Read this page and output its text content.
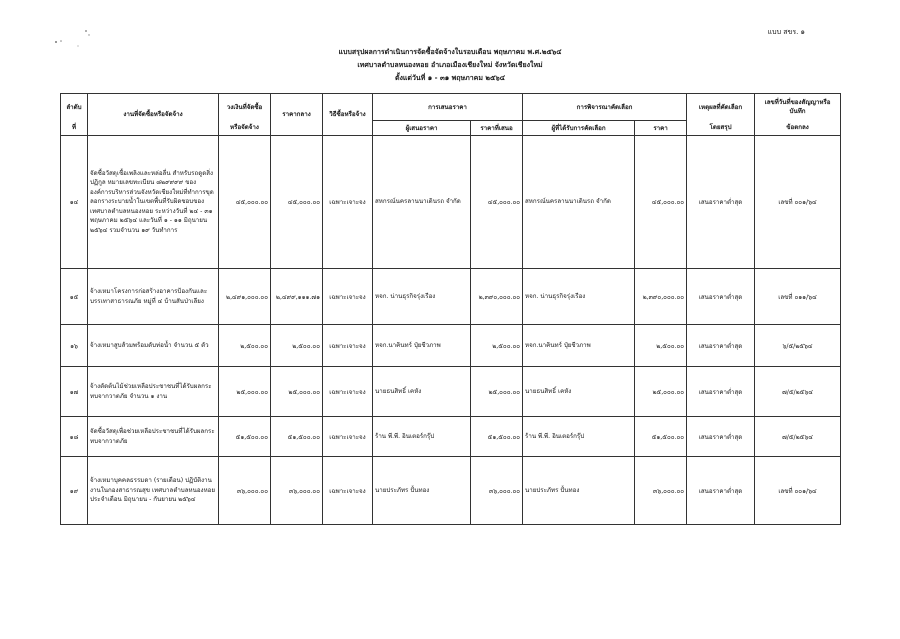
แบบ สขร. ๑
แบบสรุปผลการดำเนินการจัดซื้อจัดจ้างในรอบเดือน พฤษภาคม พ.ศ.๒๕๖๔
เทศบาลตำบลหนองหอย อำเภอเมืองเชียงใหม่ จังหวัดเชียงใหม่
ตั้งแต่วันที่ ๑ - ๓๑ พฤษภาคม ๒๕๖๔
ลำดับ	งานที่จัดซื้อหรือจัดจ้าง	วงเงินที่จัดซื้อ	ราคากลาง	วิธีซื้อหรือจ้าง	การเสนอราคา		การพิจารณาคัดเลือก		เหตุผลที่คัดเลือก	เลขที่วันที่ของสัญญาหรือบันทึก
ที่		หรือจัดจ้าง			ผู้เสนอราคา	ราคาที่เสนอ	ผู้ที่ได้รับการคัดเลือก	ราคา	โดยสรุป	ข้อตกลง
๑๔	จัดซื้อวัสดุเชื้อเพลิงและหล่อลื่น สำหรับรถดูดสิ่งปฏิกูล หมายเลขทะเบียน ๘๒๙๙๙๙ ขององค์การบริหารส่วนจังหวัดเชียงใหม่ที่ทำการขุดลอกรางระบายน้ำในเขตพื้นที่รับผิดชอบของเทศบาลตำบลหนองหอย ระหว่างวันที่ ๒๔ - ๓๑ พฤษภาคม ๒๕๖๔ และวันที่ ๑ - ๑๑ มิถุนายน ๒๕๖๔ รวมจำนวน ๑๙ วันทำการ	๔๕,๐๐๐.๐๐	๔๕,๐๐๐.๐๐	เฉพาะเจาะจง	สหกรณ์นครลานนาเดินรถ จำกัด	๔๕,๐๐๐.๐๐	สหกรณ์นครลานนาเดินรถ จำกัด	๔๕,๐๐๐.๐๐	เสนอราคาต่ำสุด	เลขที่ ๐๐๑/๖๔
๑๕	จ้างเหมาโครงการก่อสร้างอาคารป้องกันและบรรเทาสาธารณภัย หมู่ที่ ๔ บ้านสันป่าเลียง	๒,๔๙๑,๐๐๐.๐๐	๒,๔๙๙,๑๑๑.๗๑	เฉพาะเจาะจง	หจก. น่านธุรกิจรุ่งเรือง	๒,๓๙๐,๐๐๐.๐๐	หจก. น่านธุรกิจรุ่งเรือง	๒,๓๙๐,๐๐๐.๐๐	เสนอราคาต่ำสุด	เลขที่ ๐๑๑/๖๔
๑๖	จ้างเหมาสูบส้วมพร้อมดับท่อน้ำ จำนวน ๕ ตัว	๒,๕๐๐.๐๐	๒,๕๐๐.๐๐	เฉพาะเจาะจง	หจก.นาคินทร์ ปุ๋ยชีวภาพ	๒,๕๐๐.๐๐	หจก.นาคินทร์ ปุ๋ยชีวภาพ	๒,๕๐๐.๐๐	เสนอราคาต่ำสุด	๖/๕/๒๕๖๔
๑๗	จ้างตัดต้นไม้ช่วยเหลือประชาชนที่ได้รับผลกระทบจากวาตภัย จำนวน ๑ งาน	๒๕,๐๐๐.๐๐	๒๕,๐๐๐.๐๐	เฉพาะเจาะจง	นายธนสิทธิ์ เคหัง	๒๕,๐๐๐.๐๐	นายธนสิทธิ์ เคหัง	๒๕,๐๐๐.๐๐	เสนอราคาต่ำสุด	๗/๕/๒๕๖๔
๑๘	จัดซื้อวัสดุเพื่อช่วยเหลือประชาชนที่ได้รับผลกระทบจากวาตภัย	๕๑,๕๐๐.๐๐	๕๑,๕๐๐.๐๐	เฉพาะเจาะจง	ร้าน พี.พี. อินเตอร์กรุ๊ป	๕๑,๕๐๐.๐๐	ร้าน พี.พี. อินเตอร์กรุ๊ป	๕๑,๕๐๐.๐๐	เสนอราคาต่ำสุด	๗/๕/๒๕๖๔
๑๙	จ้างเหมาบุคคลธรรมดา (รายเดือน) ปฏิบัติงานงานในกองสาธารณสุข เทศบาลตำบลหนองหอย ประจำเดือน มิถุนายน - กันยายน ๒๕๖๔	๓๖,๐๐๐.๐๐	๓๖,๐๐๐.๐๐	เฉพาะเจาะจง	นายประภัทร ปั้นทอง	๓๖,๐๐๐.๐๐	นายประภัทร ปั้นทอง	๓๖,๐๐๐.๐๐	เสนอราคาต่ำสุด	เลขที่ ๐๐๑/๖๔
